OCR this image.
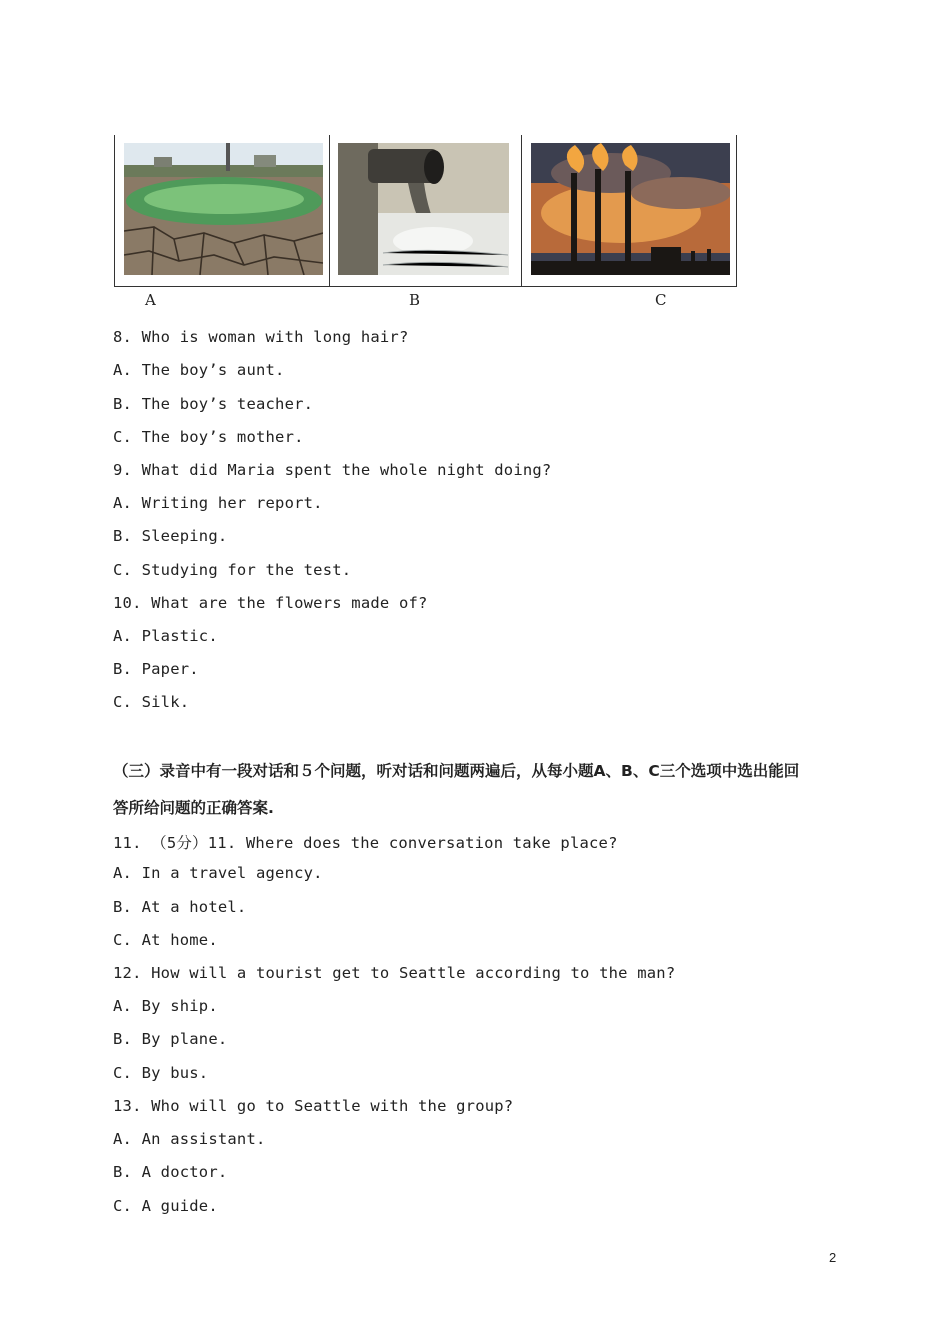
A	B	C
8. Who is woman with long hair?
A. The boy’s aunt.
B. The boy’s teacher.
C. The boy’s mother.
9. What did Maria spent the whole night doing?
A. Writing her report.
B. Sleeping.
C. Studying for the test.
10. What are the flowers made of?
A. Plastic.
B. Paper.
C. Silk.
（三）录音中有一段对话和５个问题，听对话和问题两遍后，从每小题A、B、C三个选项中选出能回
答所给问题的正确答案.
11. （5分）11. Where does the conversation take place?
A. In a travel agency.
B. At a hotel.
C. At home.
12. How will a tourist get to Seattle according to the man?
A. By ship.
B. By plane.
C. By bus.
13. Who will go to Seattle with the group?
A. An assistant.
B. A doctor.
C. A guide.
2
